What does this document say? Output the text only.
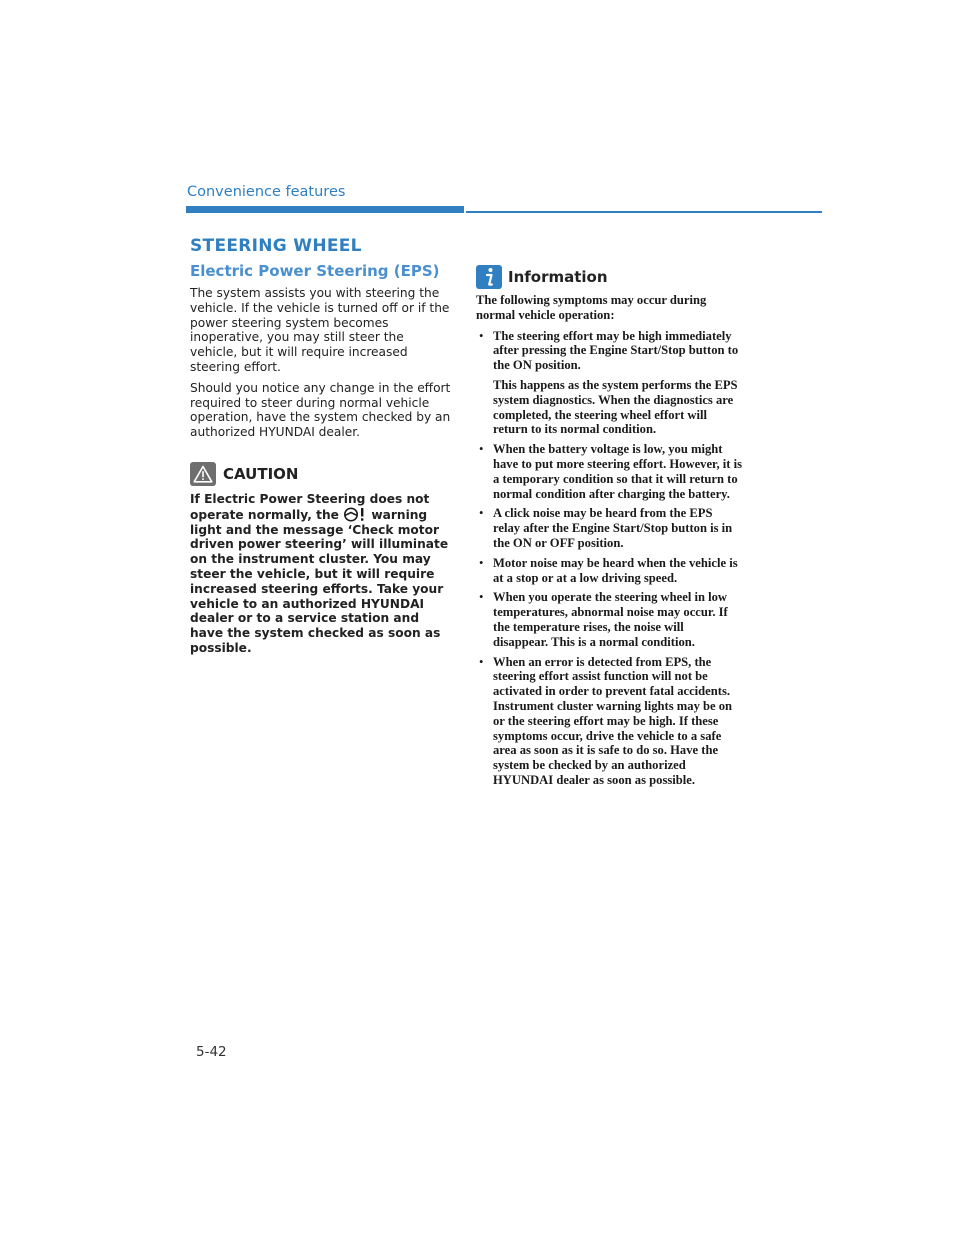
Convenience features
STEERING WHEEL
Electric Power Steering (EPS)

The system assists you with steering the vehicle. If the vehicle is turned off or if the power steering system becomes inoperative, you may still steer the vehicle, but it will require increased steering effort.

Should you notice any change in the effort required to steer during normal vehicle operation, have the system checked by an authorized HYUNDAI dealer.

CAUTION

If Electric Power Steering does not operate normally, the  warning light and the message ‘Check motor driven power steering’ will illuminate on the instrument cluster. You may steer the vehicle, but it will require increased steering efforts. Take your vehicle to an authorized HYUNDAI dealer or to a service station and have the system checked as soon as possible.

Information

The following symptoms may occur during normal vehicle operation:

• The steering effort may be high immediately after pressing the Engine Start/Stop button to the ON position.
This happens as the system performs the EPS system diagnostics. When the diagnostics are completed, the steering wheel effort will return to its normal condition.
• When the battery voltage is low, you might have to put more steering effort. However, it is a temporary condition so that it will return to normal condition after charging the battery.
• A click noise may be heard from the EPS relay after the Engine Start/Stop button is in the ON or OFF position.
• Motor noise may be heard when the vehicle is at a stop or at a low driving speed.
• When you operate the steering wheel in low temperatures, abnormal noise may occur. If the temperature rises, the noise will disappear. This is a normal condition.
• When an error is detected from EPS, the steering effort assist function will not be activated in order to prevent fatal accidents. Instrument cluster warning lights may be on or the steering effort may be high. If these symptoms occur, drive the vehicle to a safe area as soon as it is safe to do so. Have the system be checked by an authorized HYUNDAI dealer as soon as possible.
5-42
